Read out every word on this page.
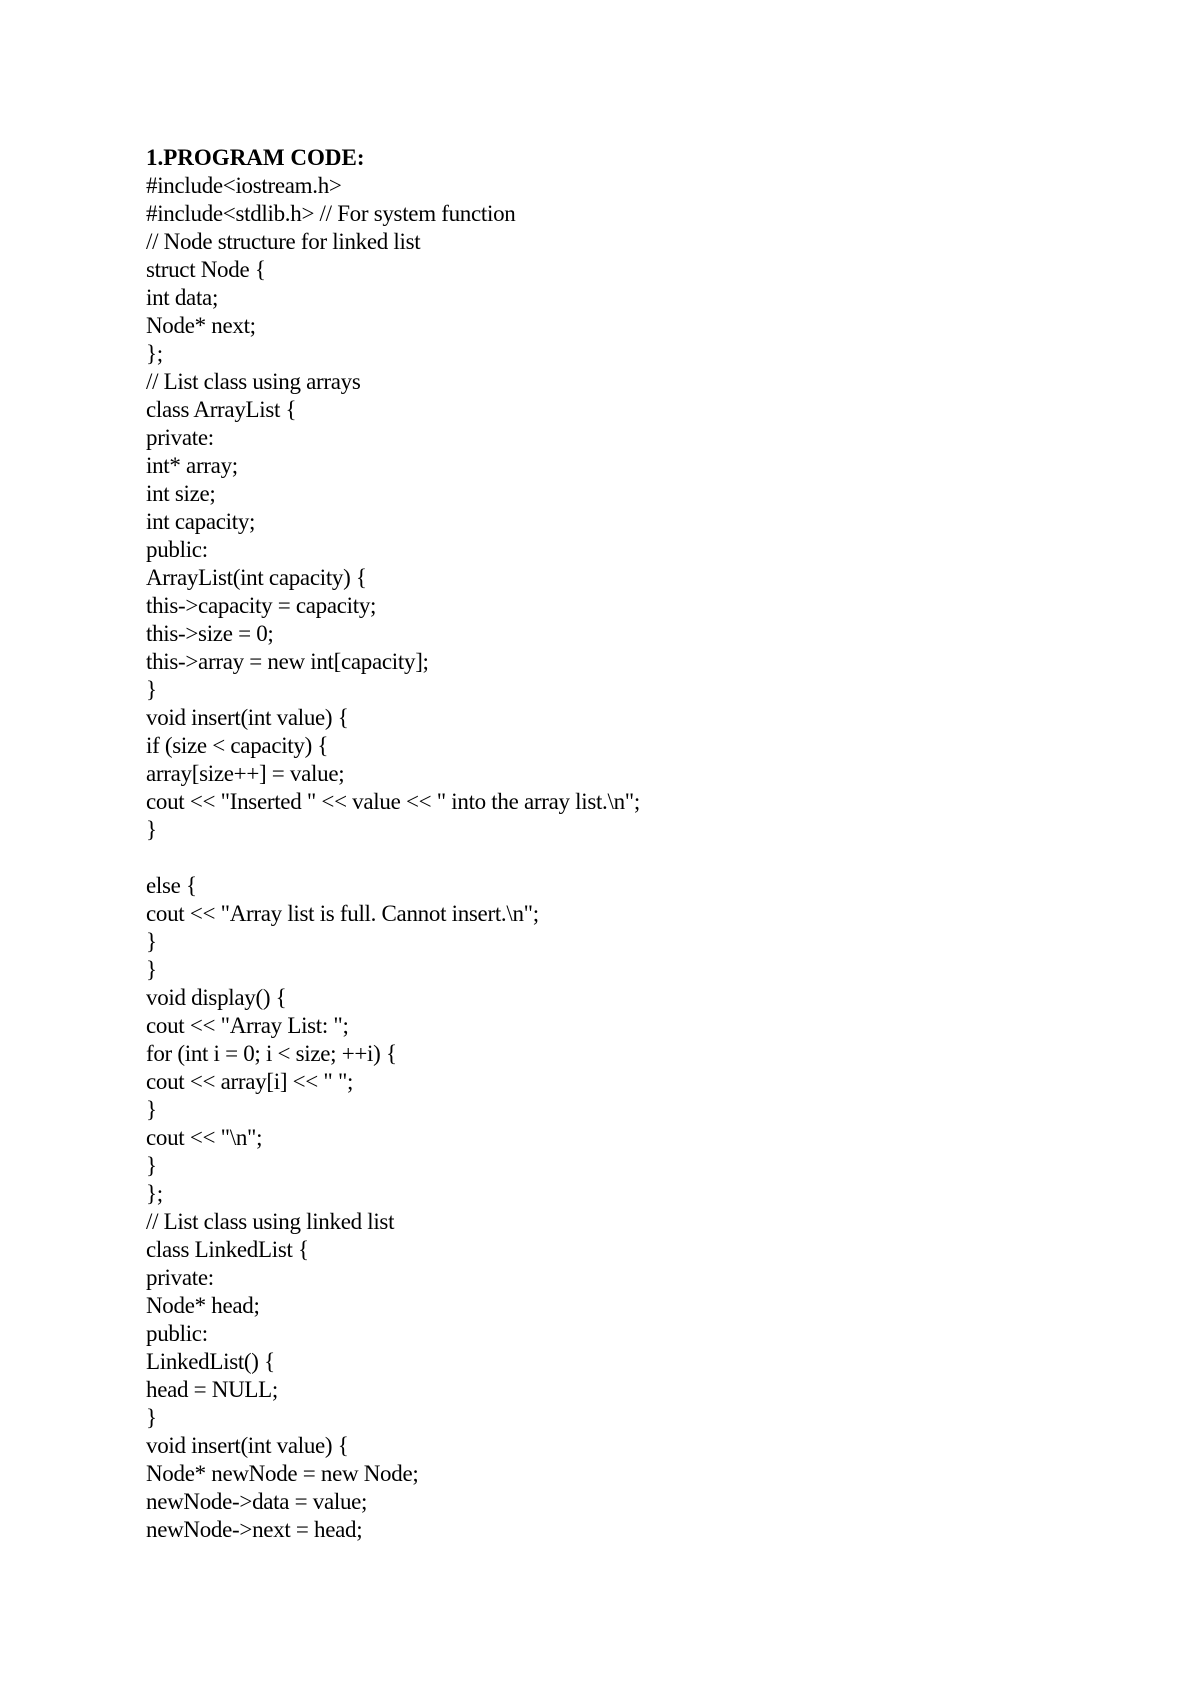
1.PROGRAM CODE:
#include<iostream.h>
#include<stdlib.h> // For system function
// Node structure for linked list
struct Node {
int data;
Node* next;
};
// List class using arrays
class ArrayList {
private:
int* array;
int size;
int capacity;
public:
ArrayList(int capacity) {
this->capacity = capacity;
this->size = 0;
this->array = new int[capacity];
}
void insert(int value) {
if (size < capacity) {
array[size++] = value;
cout << "Inserted " << value << " into the array list.\n";
}
else {
cout << "Array list is full. Cannot insert.\n";
}
}
void display() {
cout << "Array List: ";
for (int i = 0; i < size; ++i) {
cout << array[i] << " ";
}
cout << "\n";
}
};
// List class using linked list
class LinkedList {
private:
Node* head;
public:
LinkedList() {
head = NULL;
}
void insert(int value) {
Node* newNode = new Node;
newNode->data = value;
newNode->next = head;
